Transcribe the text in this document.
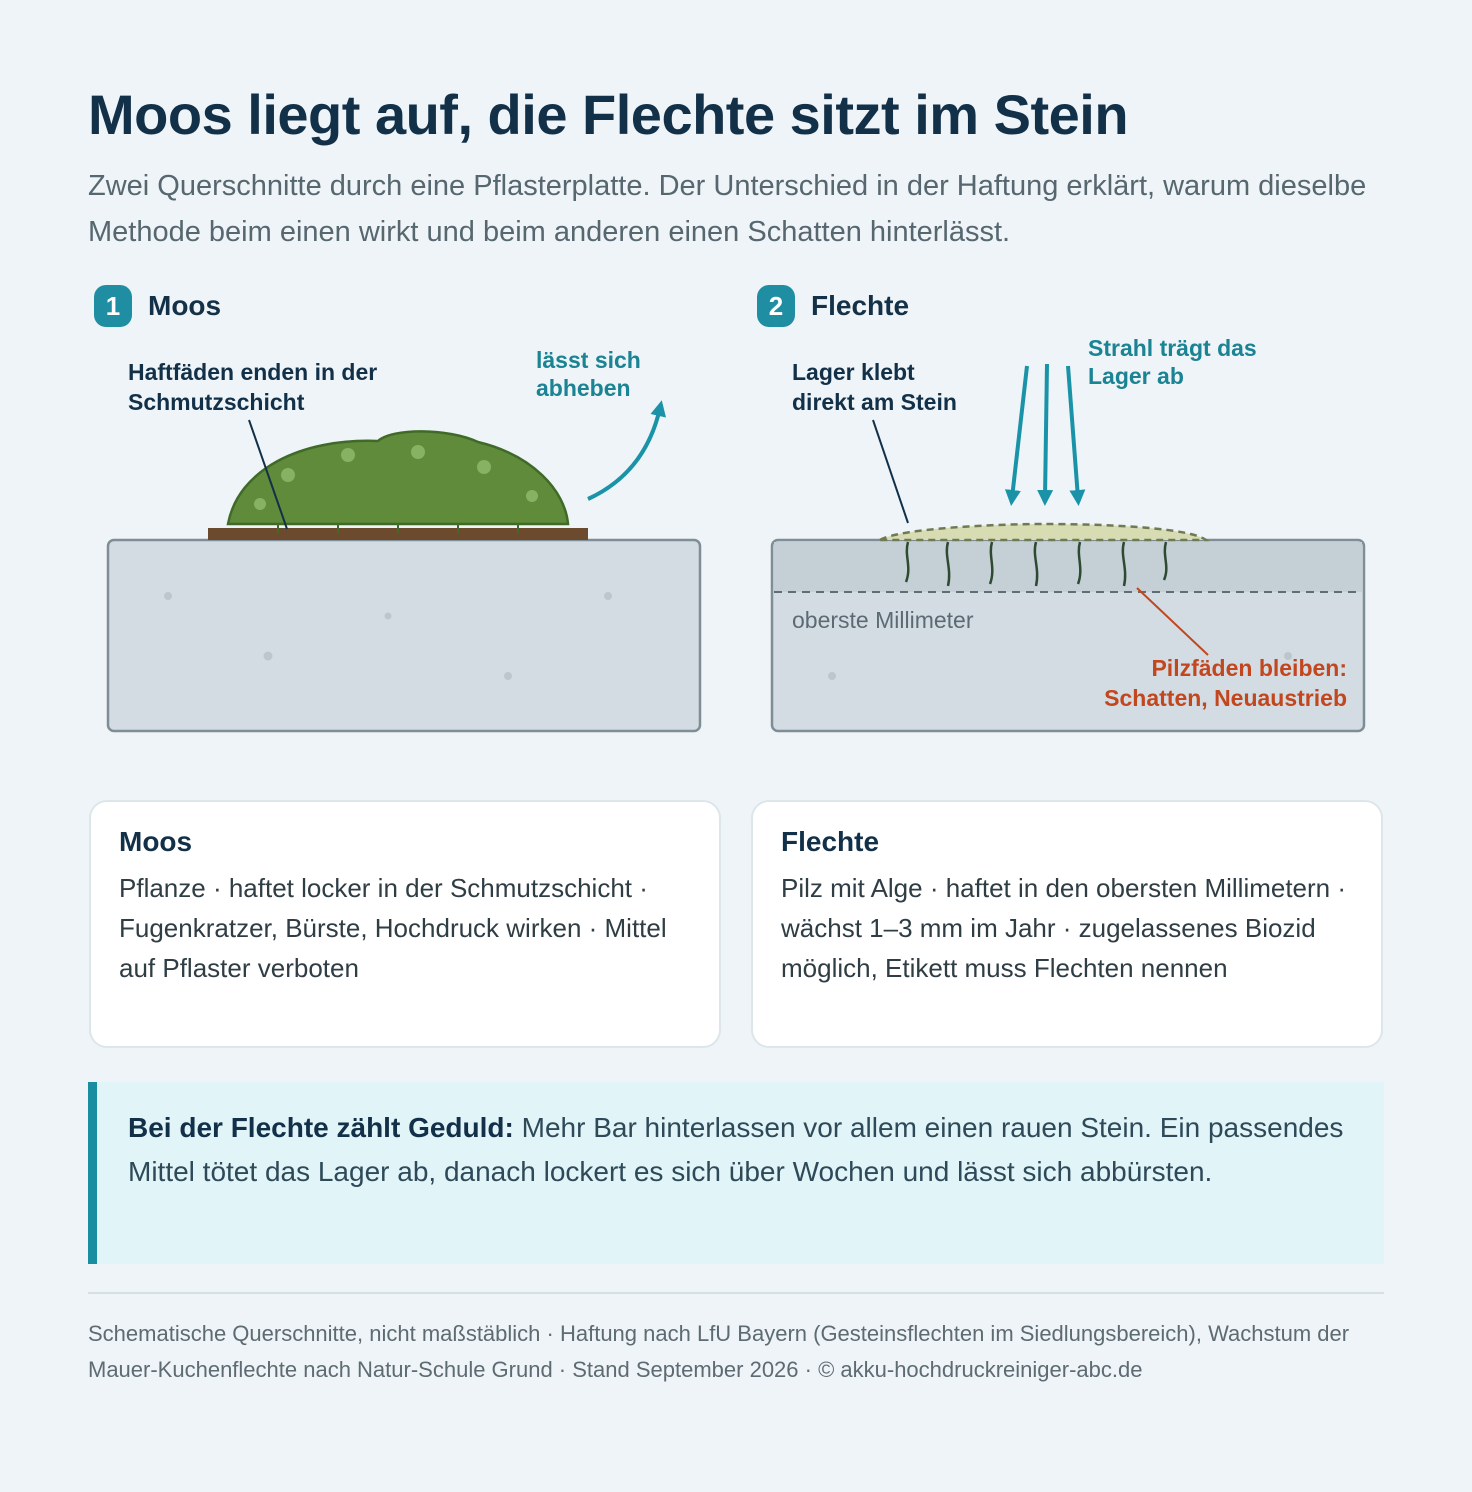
Moos liegt auf, die Flechte sitzt im Stein

Zwei Querschnitte durch eine Pflasterplatte. Der Unterschied in der Haftung erklärt, warum dieselbe Methode beim einen wirkt und beim anderen einen Schatten hinterlässt.

1 Moos	2 Flechte
Haftfäden enden in der
Schmutzschicht
lässt sich
abheben
Lager klebt
direkt am Stein
Strahl trägt das
Lager ab
oberste Millimeter
Pilzfäden bleiben:
Schatten, Neuaustrieb
Moos

Pflanze · haftet locker in der Schmutzschicht · Fugenkratzer, Bürste, Hochdruck wirken · Mittel auf Pflaster verboten

Flechte

Pilz mit Alge · haftet in den obersten Millimetern · wächst 1–3 mm im Jahr · zugelassenes Biozid möglich, Etikett muss Flechten nennen

Bei der Flechte zählt Geduld: Mehr Bar hinterlassen vor allem einen rauen Stein. Ein passendes Mittel tötet das Lager ab, danach lockert es sich über Wochen und lässt sich abbürsten.

Schematische Querschnitte, nicht maßstäblich · Haftung nach LfU Bayern (Gesteinsflechten im Siedlungsbereich), Wachstum der Mauer-Kuchenflechte nach Natur-Schule Grund · Stand September 2026 · © akku-hochdruckreiniger-abc.de
